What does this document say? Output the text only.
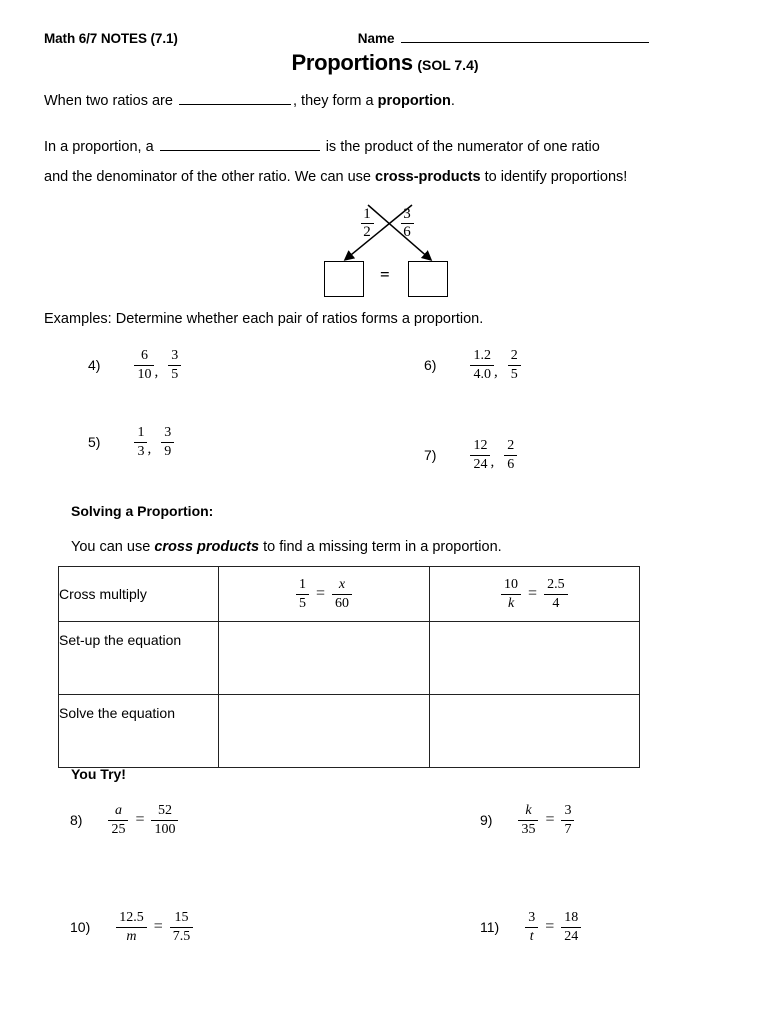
Math 6/7 NOTES (7.1)	Name
Proportions (SOL 7.4)
When two ratios are	, they form a proportion.
In a proportion, a	is the product of the numerator of one ratio
and the denominator of the other ratio. We can use cross-products to identify proportions!
1
2
3
6
=
Examples: Determine whether each pair of ratios forms a proportion.
$4) \frac{6}{10}$ , $\frac{3}{5}$	$6) \frac{1.2}{4.0}$ , $\frac{2}{5}$
$5) \frac{1}{3}$ , $\frac{3}{9}$	$7) \frac{12}{24}$ , $\frac{2}{6}$
Solving a Proportion:
You can use cross products to find a missing term in a proportion.
Cross multiply	$\frac{1}{5} = \frac{x}{60}$	$\frac{10}{k} = \frac{2.5}{4}$

Set-up the equation		
Solve the equation		
You Try!
$8) \frac{a}{25} = \frac{52}{100}$	$9) \frac{k}{35} = \frac{3}{7}$
$10) \frac{12.5}{m} = \frac{15}{7.5}$	$11) \frac{3}{t} = \frac{18}{24}$
